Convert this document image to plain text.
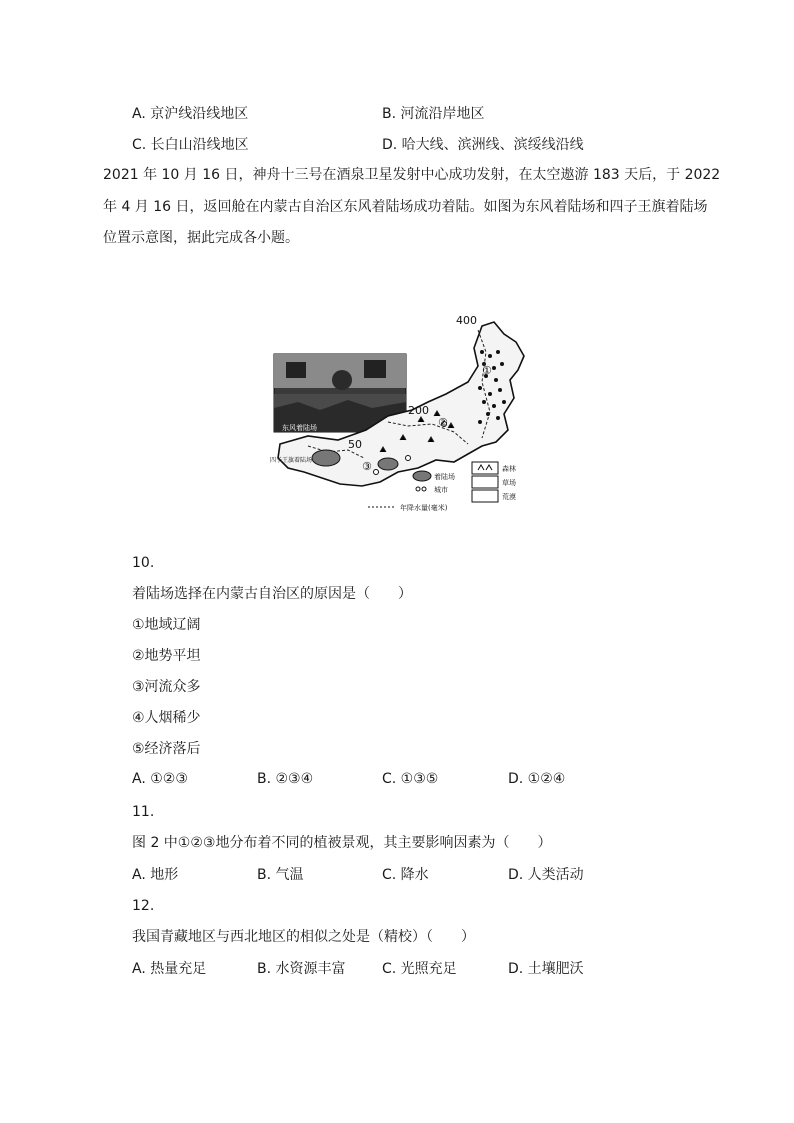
A. 京沪线沿线地区	B. 河流沿岸地区
C. 长白山沿线地区	D. 哈大线、滨洲线、滨绥线沿线
2021 年 10 月 16 日，神舟十三号在酒泉卫星发射中心成功发射，在太空遨游 183 天后，于 2022
年 4 月 16 日，返回舱在内蒙古自治区东风着陆场成功着陆。如图为东风着陆场和四子王旗着陆场
位置示意图，据此完成各小题。
400
200
50
东风着陆场
四子王旗着陆场
①
②
③	森林
草场
荒漠
着陆场
城市
年降水量(毫米)
10.
着陆场选择在内蒙古自治区的原因是（　　）
①地域辽阔
②地势平坦
③河流众多
④人烟稀少
⑤经济落后
A. ①②③	B. ②③④	C. ①③⑤	D. ①②④
11.
图 2 中①②③地分布着不同的植被景观，其主要影响因素为（　　）
A. 地形	B. 气温	C. 降水	D. 人类活动
12.
我国青藏地区与西北地区的相似之处是（精校）（　　）
A. 热量充足	B. 水资源丰富	C. 光照充足	D. 土壤肥沃
